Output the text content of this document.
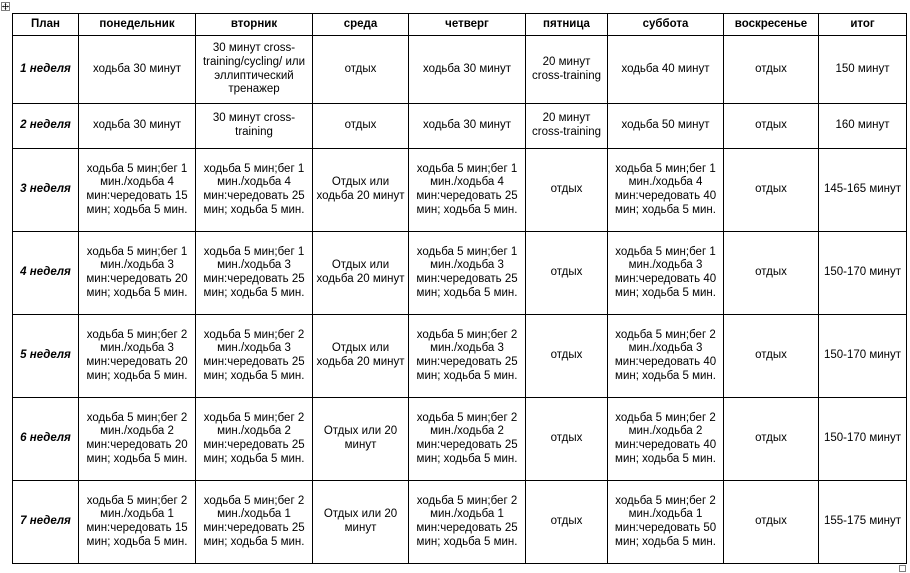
План	понедельник	вторник	среда	четверг	пятница	суббота	воскресенье	итог
1 неделя	ходьба 30 минут	30 минут cross-training/cycling/ или эллиптический тренажер	отдых	ходьба 30 минут	20 минут cross-training	ходьба 40 минут	отдых	150 минут
2 неделя	ходьба 30 минут	30 минут cross-training	отдых	ходьба 30 минут	20 минут cross-training	ходьба 50 минут	отдых	160 минут
3 неделя	ходьба 5 мин;бег 1 мин./ходьба 4 мин:чередовать 15 мин; ходьба 5 мин.	ходьба 5 мин;бег 1 мин./ходьба 4 мин:чередовать 25 мин; ходьба 5 мин.	Отдых или ходьба 20 минут	ходьба 5 мин;бег 1 мин./ходьба 4 мин:чередовать 25 мин; ходьба 5 мин.	отдых	ходьба 5 мин;бег 1 мин./ходьба 4 мин:чередовать 40 мин; ходьба 5 мин.	отдых	145-165 минут
4 неделя	ходьба 5 мин;бег 1 мин./ходьба 3 мин:чередовать 20 мин; ходьба 5 мин.	ходьба 5 мин;бег 1 мин./ходьба 3 мин:чередовать 25 мин; ходьба 5 мин.	Отдых или ходьба 20 минут	ходьба 5 мин;бег 1 мин./ходьба 3 мин:чередовать 25 мин; ходьба 5 мин.	отдых	ходьба 5 мин;бег 1 мин./ходьба 3 мин:чередовать 40 мин; ходьба 5 мин.	отдых	150-170 минут
5 неделя	ходьба 5 мин;бег 2 мин./ходьба 3 мин:чередовать 20 мин; ходьба 5 мин.	ходьба 5 мин;бег 2 мин./ходьба 3 мин:чередовать 25 мин; ходьба 5 мин.	Отдых или ходьба 20 минут	ходьба 5 мин;бег 2 мин./ходьба 3 мин:чередовать 25 мин; ходьба 5 мин.	отдых	ходьба 5 мин;бег 2 мин./ходьба 3 мин:чередовать 40 мин; ходьба 5 мин.	отдых	150-170 минут
6 неделя	ходьба 5 мин;бег 2 мин./ходьба 2 мин:чередовать 20 мин; ходьба 5 мин.	ходьба 5 мин;бег 2 мин./ходьба 2 мин:чередовать 25 мин; ходьба 5 мин.	Отдых или 20 минут	ходьба 5 мин;бег 2 мин./ходьба 2 мин:чередовать 25 мин; ходьба 5 мин.	отдых	ходьба 5 мин;бег 2 мин./ходьба 2 мин:чередовать 40 мин; ходьба 5 мин.	отдых	150-170 минут
7 неделя	ходьба 5 мин;бег 2 мин./ходьба 1 мин:чередовать 15 мин; ходьба 5 мин.	ходьба 5 мин;бег 2 мин./ходьба 1 мин:чередовать 25 мин; ходьба 5 мин.	Отдых или 20 минут	ходьба 5 мин;бег 2 мин./ходьба 1 мин:чередовать 25 мин; ходьба 5 мин.	отдых	ходьба 5 мин;бег 2 мин./ходьба 1 мин:чередовать 50 мин; ходьба 5 мин.	отдых	155-175 минут
